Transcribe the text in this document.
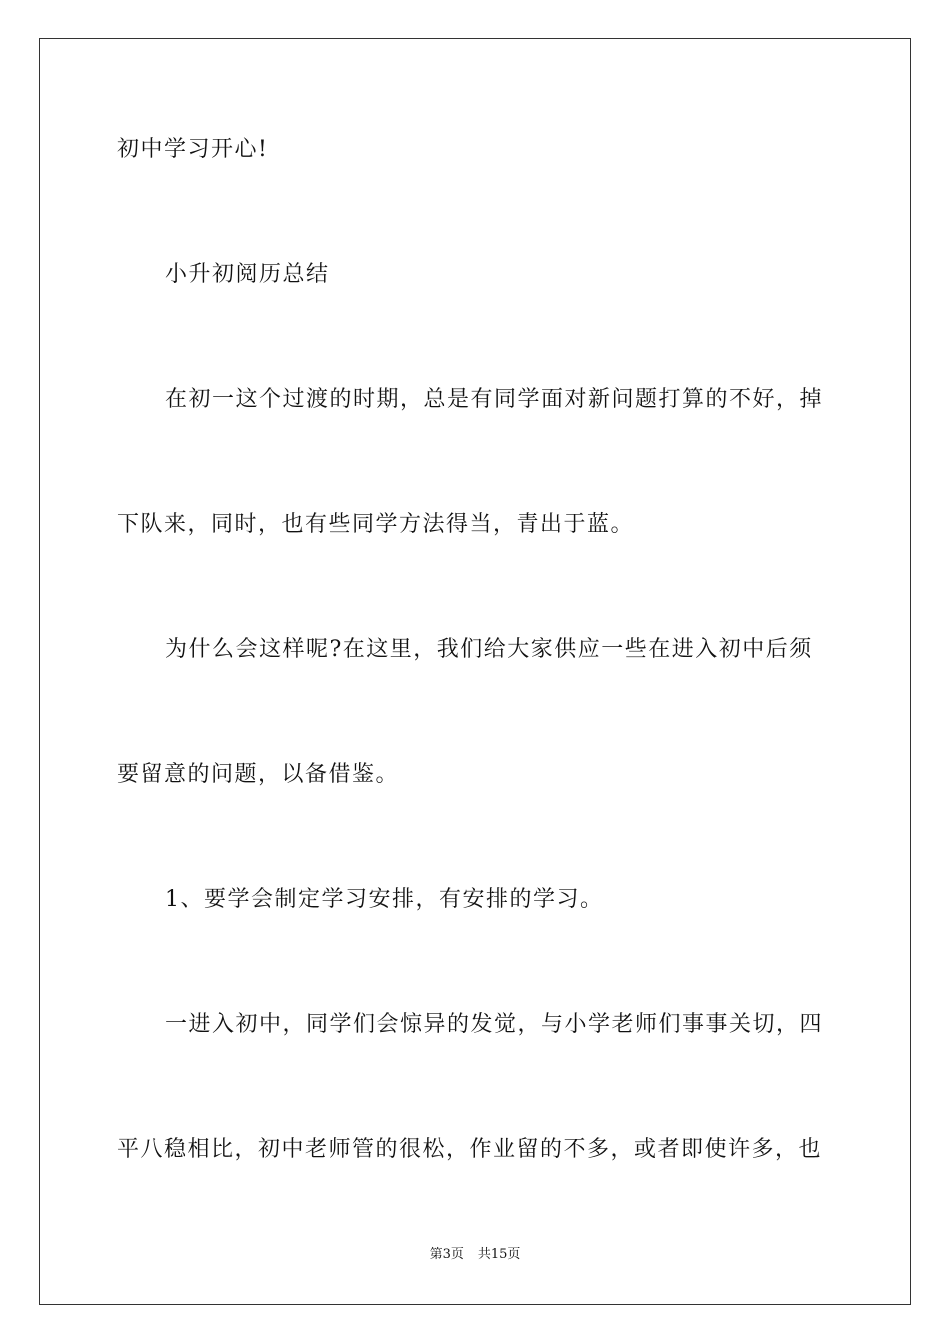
初中学习开心!
小升初阅历总结
在初一这个过渡的时期，总是有同学面对新问题打算的不好，掉
下队来，同时，也有些同学方法得当，青出于蓝。
为什么会这样呢?在这里，我们给大家供应一些在进入初中后须
要留意的问题，以备借鉴。
1、要学会制定学习安排，有安排的学习。
一进入初中，同学们会惊异的发觉，与小学老师们事事关切，四
平八稳相比，初中老师管的很松，作业留的不多，或者即使许多，也
第3页 共15页
